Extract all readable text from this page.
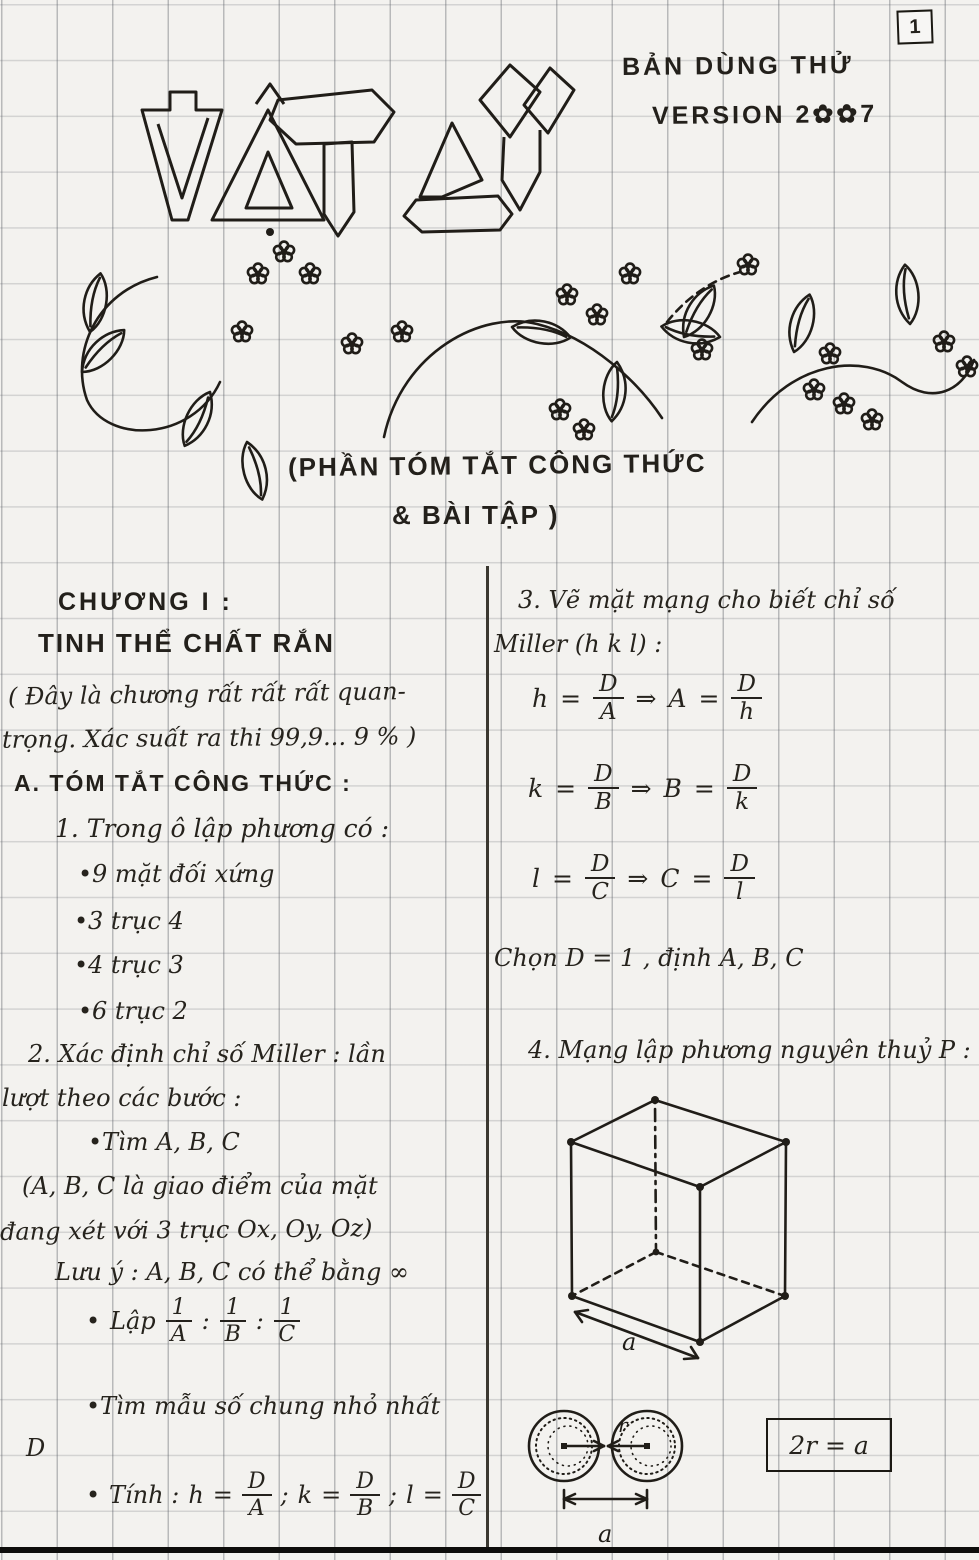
1
BẢN DÙNG THỬ
VERSION 2✿✿7
(PHẦN TÓM TẮT CÔNG THỨC
& BÀI TẬP )
CHƯƠNG I :
TINH THỂ CHẤT RẮN
( Đây là chương rất rất rất quan-
trọng. Xác suất ra thi 99,9... 9 % )
A. TÓM TẮT CÔNG THỨC :
1. Trong ô lập phương có :
• 9 mặt đối xứng
• 3 trục 4
• 4 trục 3
• 6 trục 2
2. Xác định chỉ số Miller : lần
lượt theo các bước :
• Tìm A, B, C
(A, B, C là giao điểm của mặt
đang xét với 3 trục Ox, Oy, Oz)
Lưu ý : A, B, C có thể bằng ∞
• Lập 1
A : 1
B : 1
C
• Tìm mẫu số chung nhỏ nhất
D
• Tính : $h = \frac{D}{A}$ ; $k = \frac{D}{B}$ ; $l = \frac{D}{C}$
3. Vẽ mặt mạng cho biết chỉ số
Miller (h k l) :
$h = \frac{D}{A}$ ⇒ $A = \frac{D}{h}$
$k = \frac{D}{B}$ ⇒ $B = \frac{D}{k}$
$l = \frac{D}{C}$ ⇒ $C = \frac{D}{l}$
Chọn D = 1 , định A, B, C
4. Mạng lập phương nguyên thuỷ P :
a
r
a
2r = a
